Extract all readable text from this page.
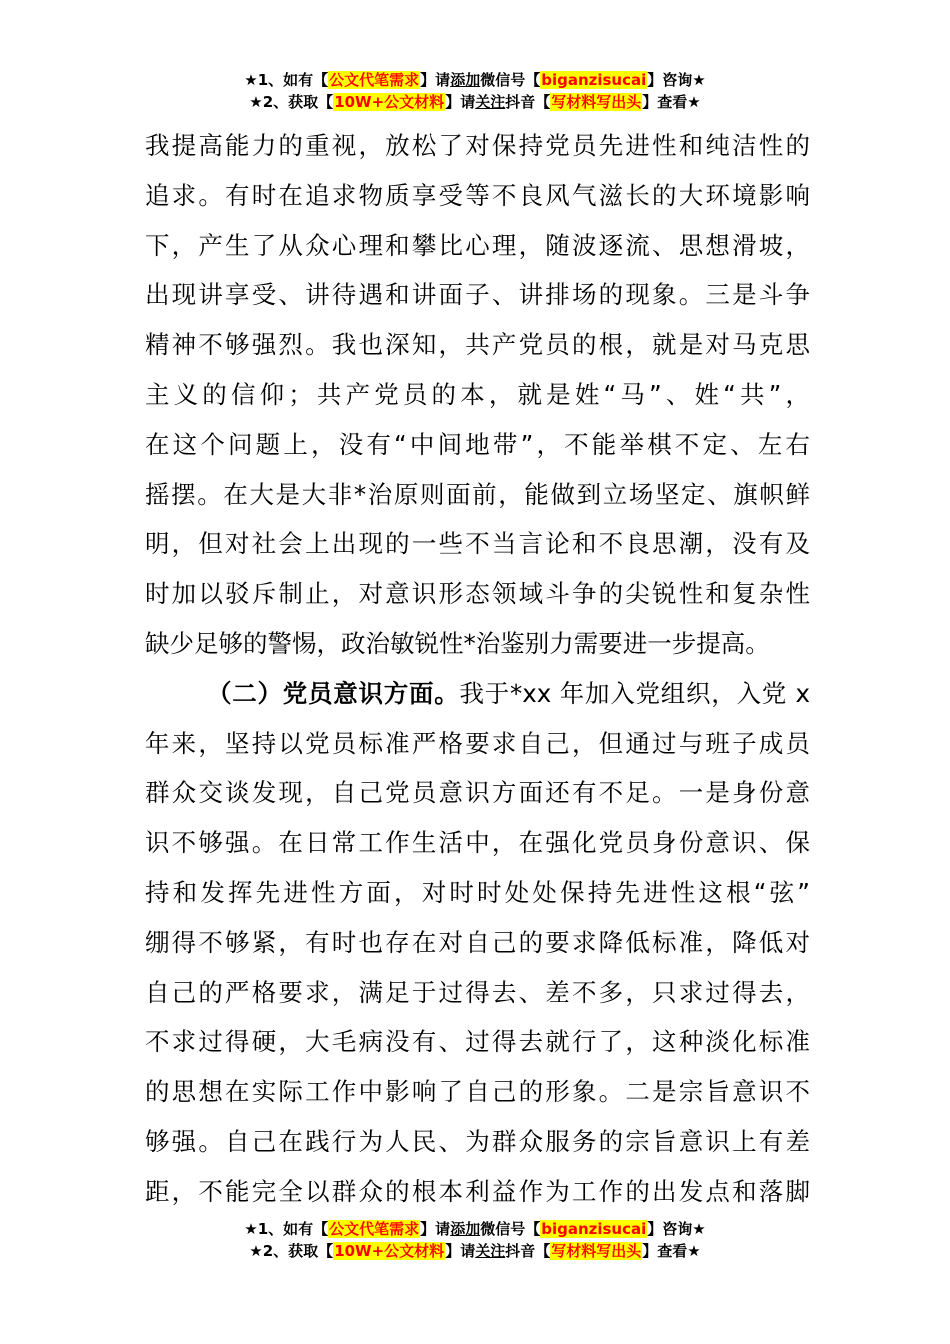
★1、如有【公文代笔需求】请添加微信号【biganzisucai】咨询★
★2、获取【10W+公文材料】请关注抖音【写材料写出头】查看★
我提高能力的重视，放松了对保持党员先进性和纯洁性的
追求。有时在追求物质享受等不良风气滋长的大环境影响
下，产生了从众心理和攀比心理，随波逐流、思想滑坡，
出现讲享受、讲待遇和讲面子、讲排场的现象。三是斗争
精神不够强烈。我也深知，共产党员的根，就是对马克思
主义的信仰；共产党员的本，就是姓“马”、姓“共”，
在这个问题上，没有“中间地带”，不能举棋不定、左右
摇摆。在大是大非*治原则面前，能做到立场坚定、旗帜鲜
明，但对社会上出现的一些不当言论和不良思潮，没有及
时加以驳斥制止，对意识形态领域斗争的尖锐性和复杂性
缺少足够的警惕，政治敏锐性*治鉴别力需要进一步提高。
（二）党员意识方面。我于*xx 年加入党组织，入党 x
年来，坚持以党员标准严格要求自己，但通过与班子成员
群众交谈发现，自己党员意识方面还有不足。一是身份意
识不够强。在日常工作生活中，在强化党员身份意识、保
持和发挥先进性方面，对时时处处保持先进性这根“弦”
绷得不够紧，有时也存在对自己的要求降低标准，降低对
自己的严格要求，满足于过得去、差不多，只求过得去，
不求过得硬，大毛病没有、过得去就行了，这种淡化标准
的思想在实际工作中影响了自己的形象。二是宗旨意识不
够强。自己在践行为人民、为群众服务的宗旨意识上有差
距，不能完全以群众的根本利益作为工作的出发点和落脚
★1、如有【公文代笔需求】请添加微信号【biganzisucai】咨询★
★2、获取【10W+公文材料】请关注抖音【写材料写出头】查看★
